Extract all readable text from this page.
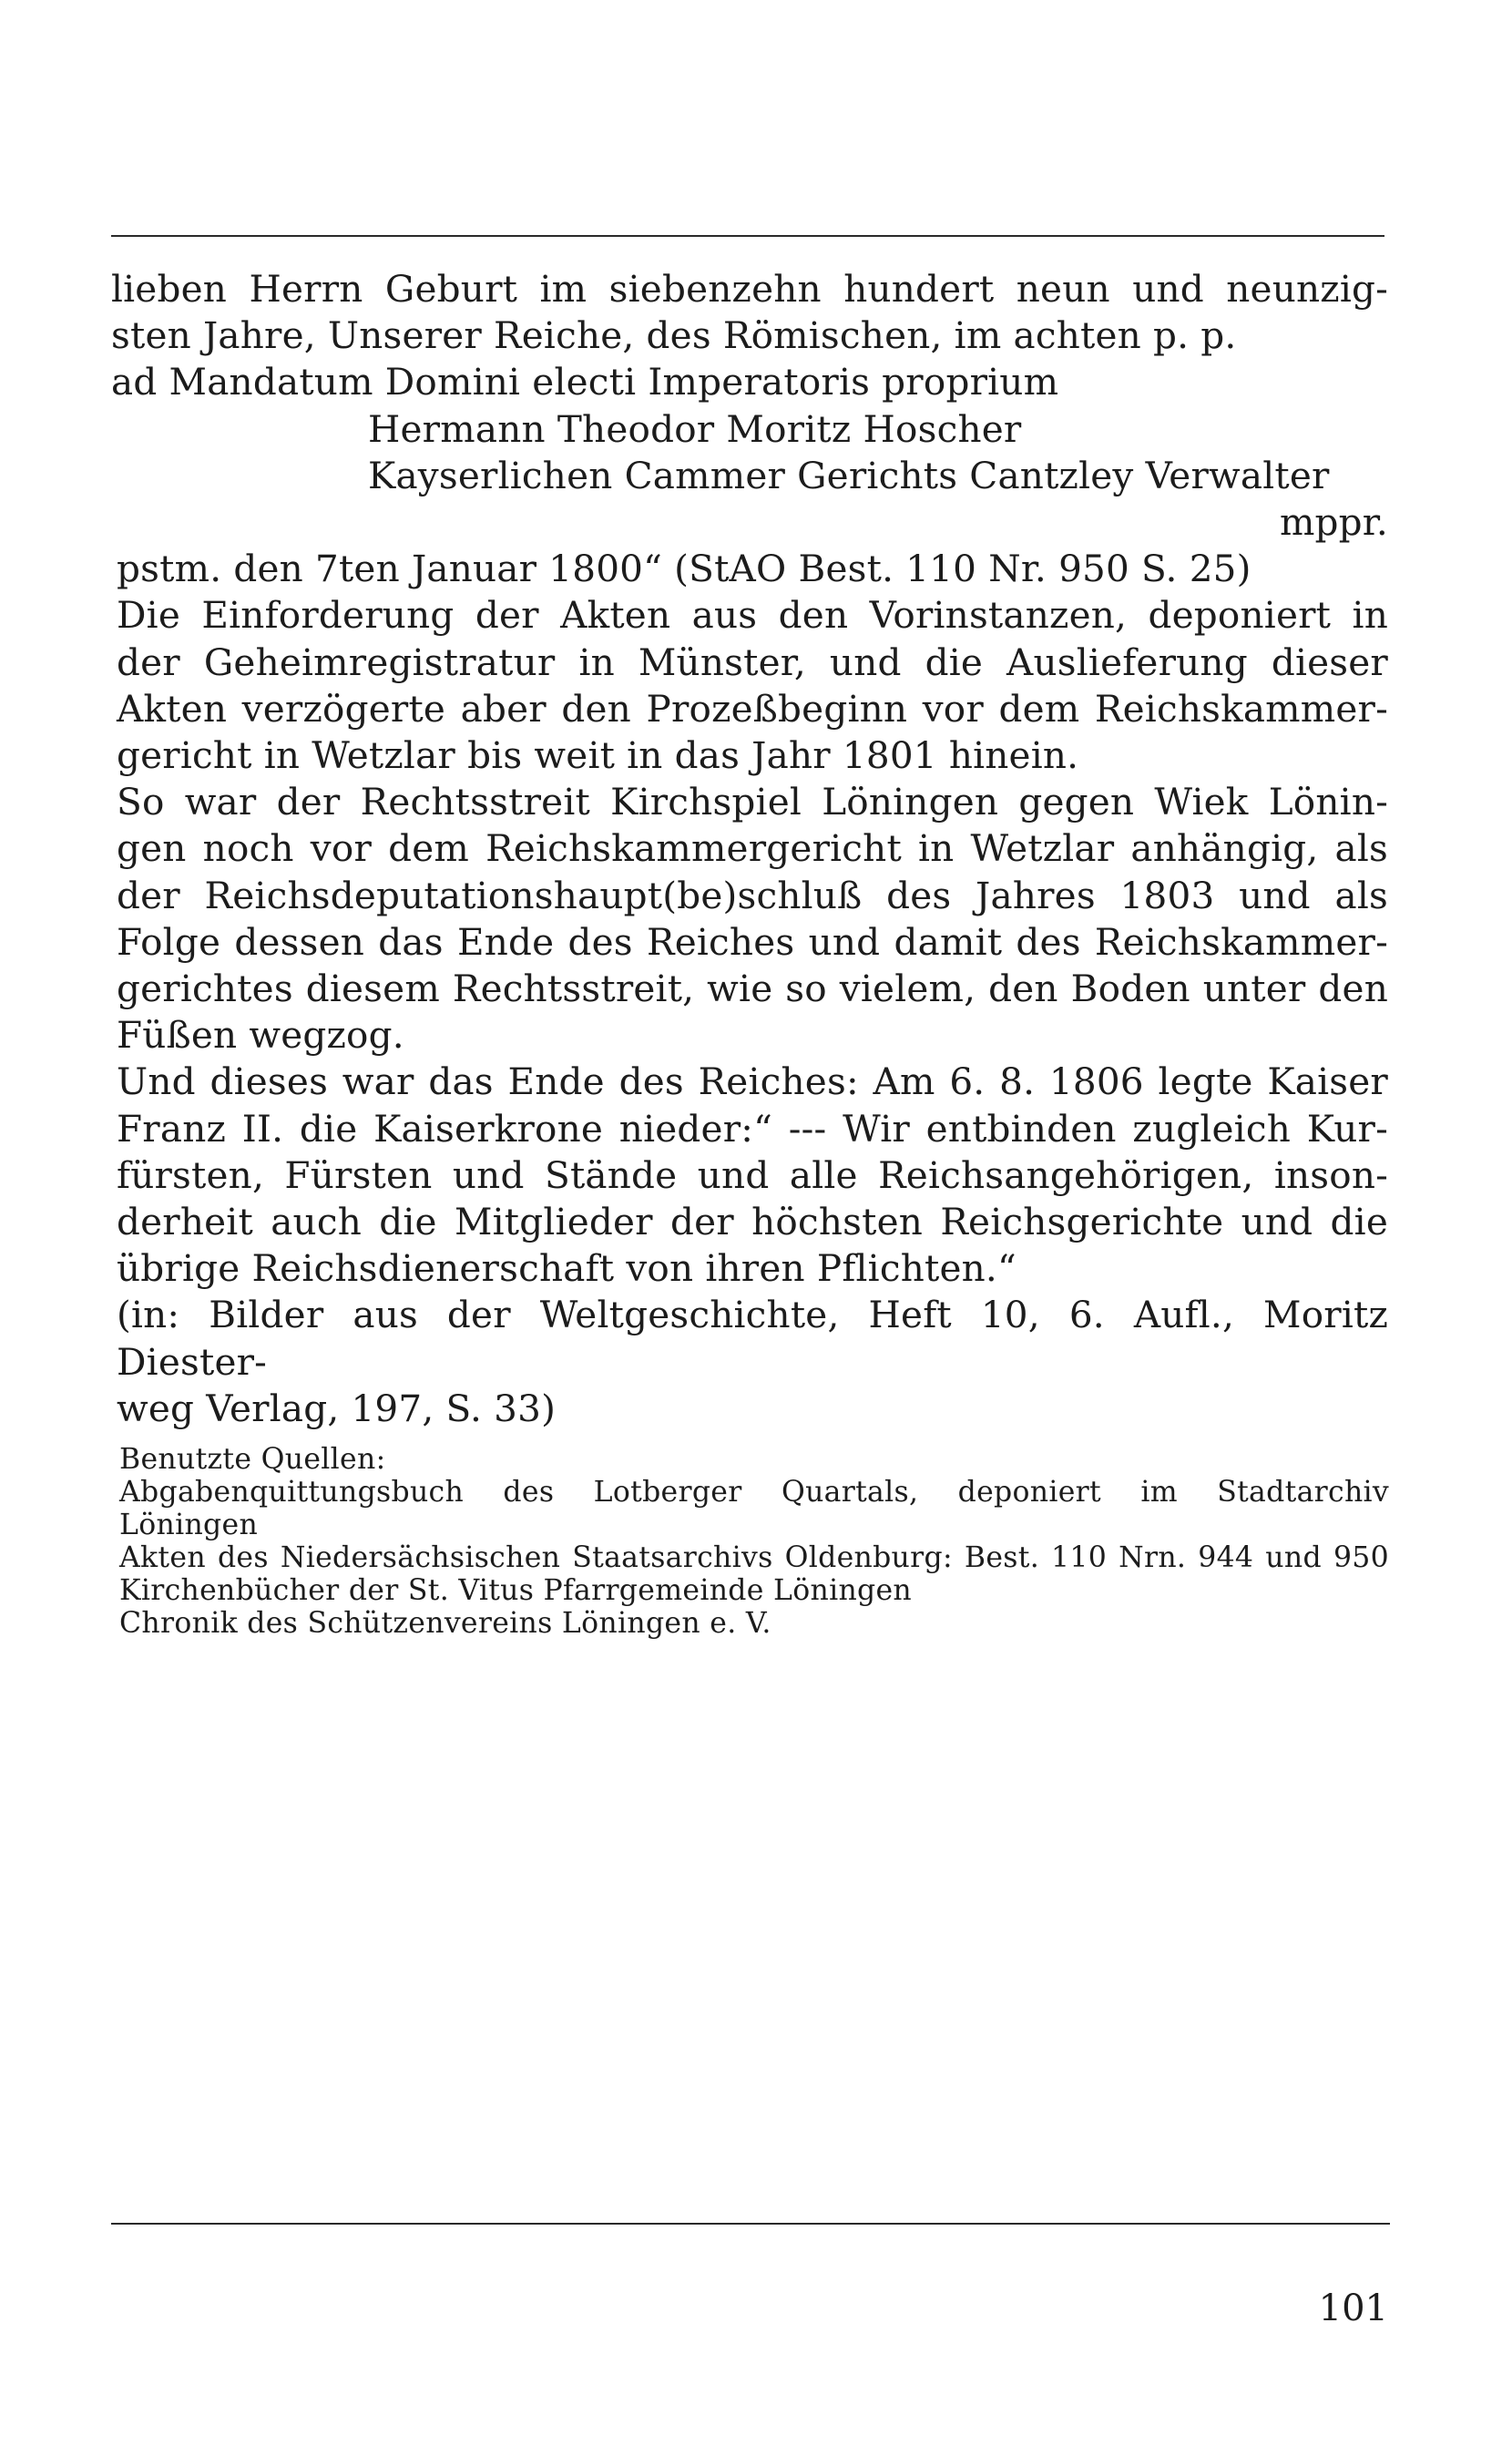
lieben Herrn Geburt im siebenzehn hundert neun und neunzig-
sten Jahre, Unserer Reiche, des Römischen, im achten p. p.
ad Mandatum Domini electi Imperatoris proprium
Hermann Theodor Moritz Hoscher
Kayserlichen Cammer Gerichts Cantzley Verwalter
mppr.
pstm. den 7ten Januar 1800“ (StAO Best. 110 Nr. 950 S. 25)
Die Einforderung der Akten aus den Vorinstanzen, deponiert in
der Geheimregistratur in Münster, und die Auslieferung dieser
Akten verzögerte aber den Prozeßbeginn vor dem Reichskammer-
gericht in Wetzlar bis weit in das Jahr 1801 hinein.
So war der Rechtsstreit Kirchspiel Löningen gegen Wiek Lönin-
gen noch vor dem Reichskammergericht in Wetzlar anhängig, als
der Reichsdeputationshaupt(be)schluß des Jahres 1803 und als
Folge dessen das Ende des Reiches und damit des Reichskammer-
gerichtes diesem Rechtsstreit, wie so vielem, den Boden unter den
Füßen wegzog.
Und dieses war das Ende des Reiches: Am 6. 8. 1806 legte Kaiser
Franz II. die Kaiserkrone nieder:“ --- Wir entbinden zugleich Kur-
fürsten, Fürsten und Stände und alle Reichsangehörigen, inson-
derheit auch die Mitglieder der höchsten Reichsgerichte und die
übrige Reichsdienerschaft von ihren Pflichten.“
(in: Bilder aus der Weltgeschichte, Heft 10, 6. Aufl., Moritz Diester-
weg Verlag, 197, S. 33)
Benutzte Quellen:
Abgabenquittungsbuch des Lotberger Quartals, deponiert im Stadtarchiv
Löningen
Akten des Niedersächsischen Staatsarchivs Oldenburg: Best. 110 Nrn. 944 und 950
Kirchenbücher der St. Vitus Pfarrgemeinde Löningen
Chronik des Schützenvereins Löningen e. V.
101
